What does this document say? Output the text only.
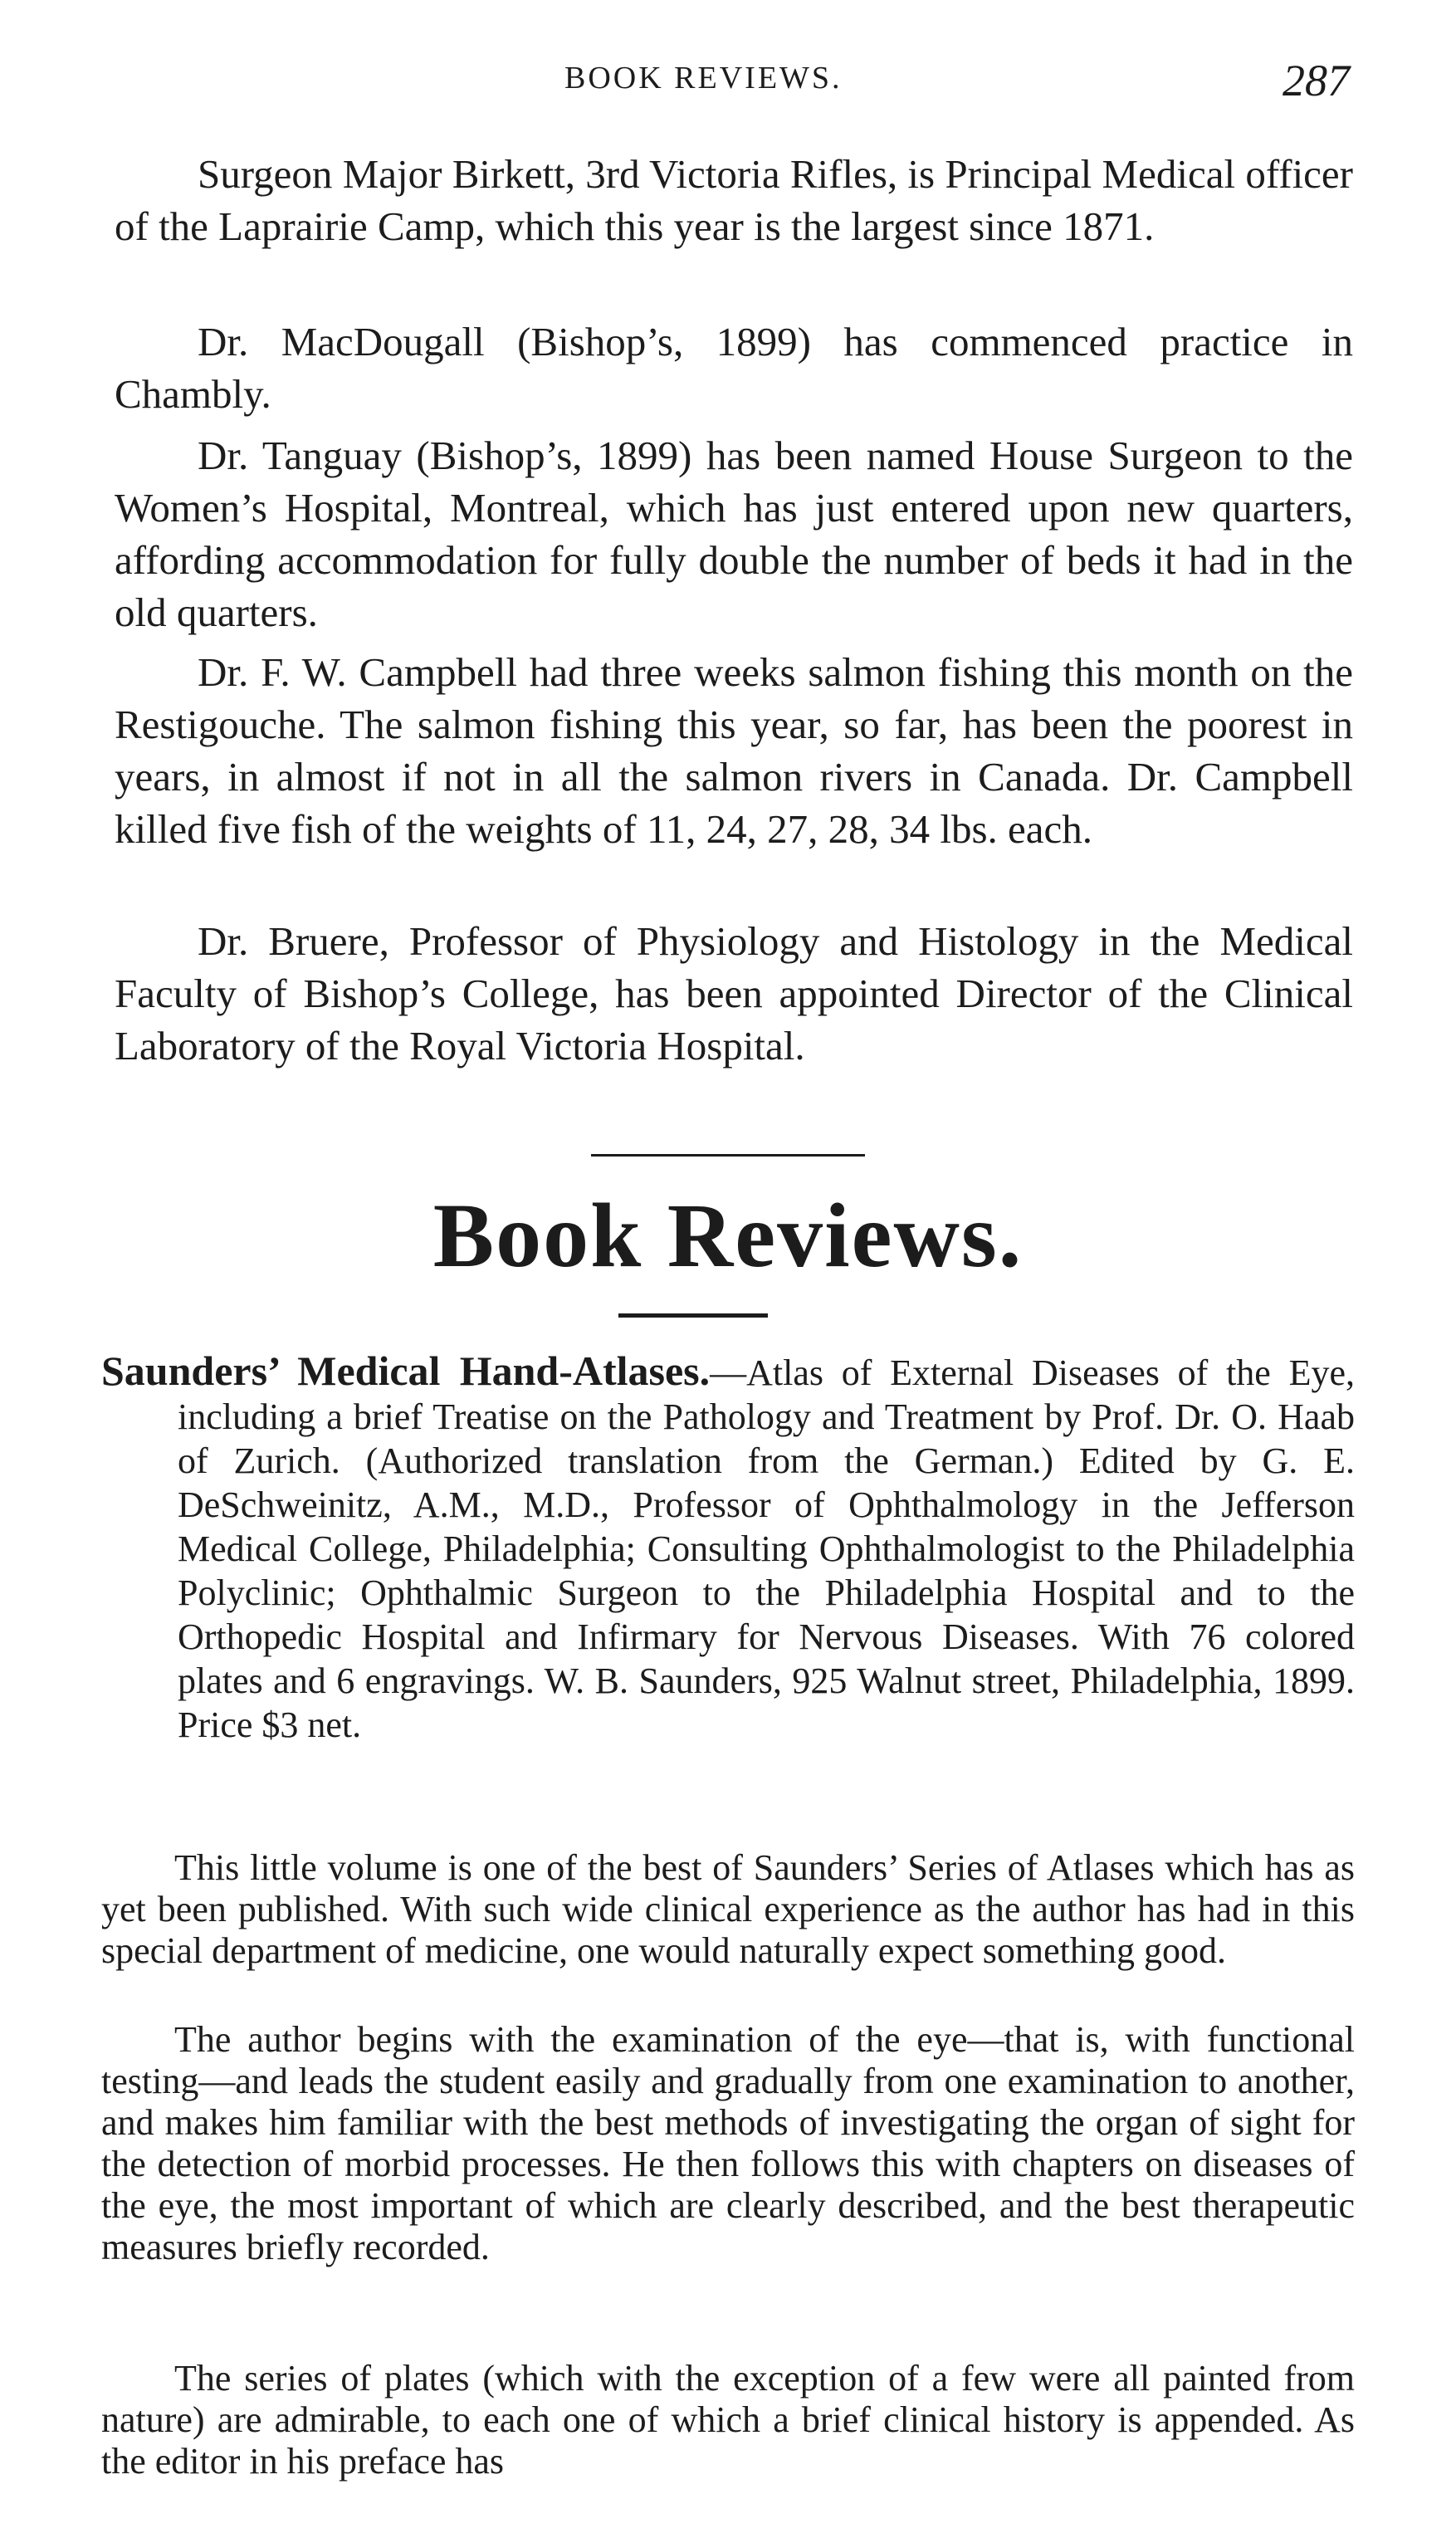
BOOK REVIEWS.	287

Surgeon Major Birkett, 3rd Victoria Rifles, is Principal Medical officer of the Laprairie Camp, which this year is the largest since 1871.

Dr. MacDougall (Bishop’s, 1899) has commenced practice in Chambly.

Dr. Tanguay (Bishop’s, 1899) has been named House Surgeon to the Women’s Hospital, Montreal, which has just entered upon new quarters, affording accommodation for fully double the number of beds it had in the old quarters.

Dr. F. W. Campbell had three weeks salmon fishing this month on the Restigouche. The salmon fishing this year, so far, has been the poorest in years, in almost if not in all the salmon rivers in Canada. Dr. Campbell killed five fish of the weights of 11, 24, 27, 28, 34 lbs. each.

Dr. Bruere, Professor of Physiology and Histology in the Medical Faculty of Bishop’s College, has been appointed Director of the Clinical Laboratory of the Royal Victoria Hospital.

Book Reviews.

Saunders’ Medical Hand-Atlases.—Atlas of External Diseases of the Eye, including a brief Treatise on the Pathology and Treatment by Prof. Dr. O. Haab of Zurich. (Authorized translation from the German.) Edited by G. E. DeSchweinitz, A.M., M.D., Professor of Ophthalmology in the Jefferson Medical College, Philadelphia; Consulting Ophthalmologist to the Philadelphia Polyclinic; Ophthalmic Surgeon to the Philadelphia Hospital and to the Orthopedic Hospital and Infirmary for Nervous Diseases. With 76 colored plates and 6 engravings. W. B. Saunders, 925 Walnut street, Philadelphia, 1899. Price $3 net.

This little volume is one of the best of Saunders’ Series of Atlases which has as yet been published. With such wide clinical experience as the author has had in this special department of medicine, one would naturally expect something good.

The author begins with the examination of the eye—that is, with functional testing—and leads the student easily and gradually from one examination to another, and makes him familiar with the best methods of investigating the organ of sight for the detection of morbid processes. He then follows this with chapters on diseases of the eye, the most important of which are clearly described, and the best therapeutic measures briefly recorded.

The series of plates (which with the exception of a few were all painted from nature) are admirable, to each one of which a brief clinical history is appended. As the editor in his preface has
